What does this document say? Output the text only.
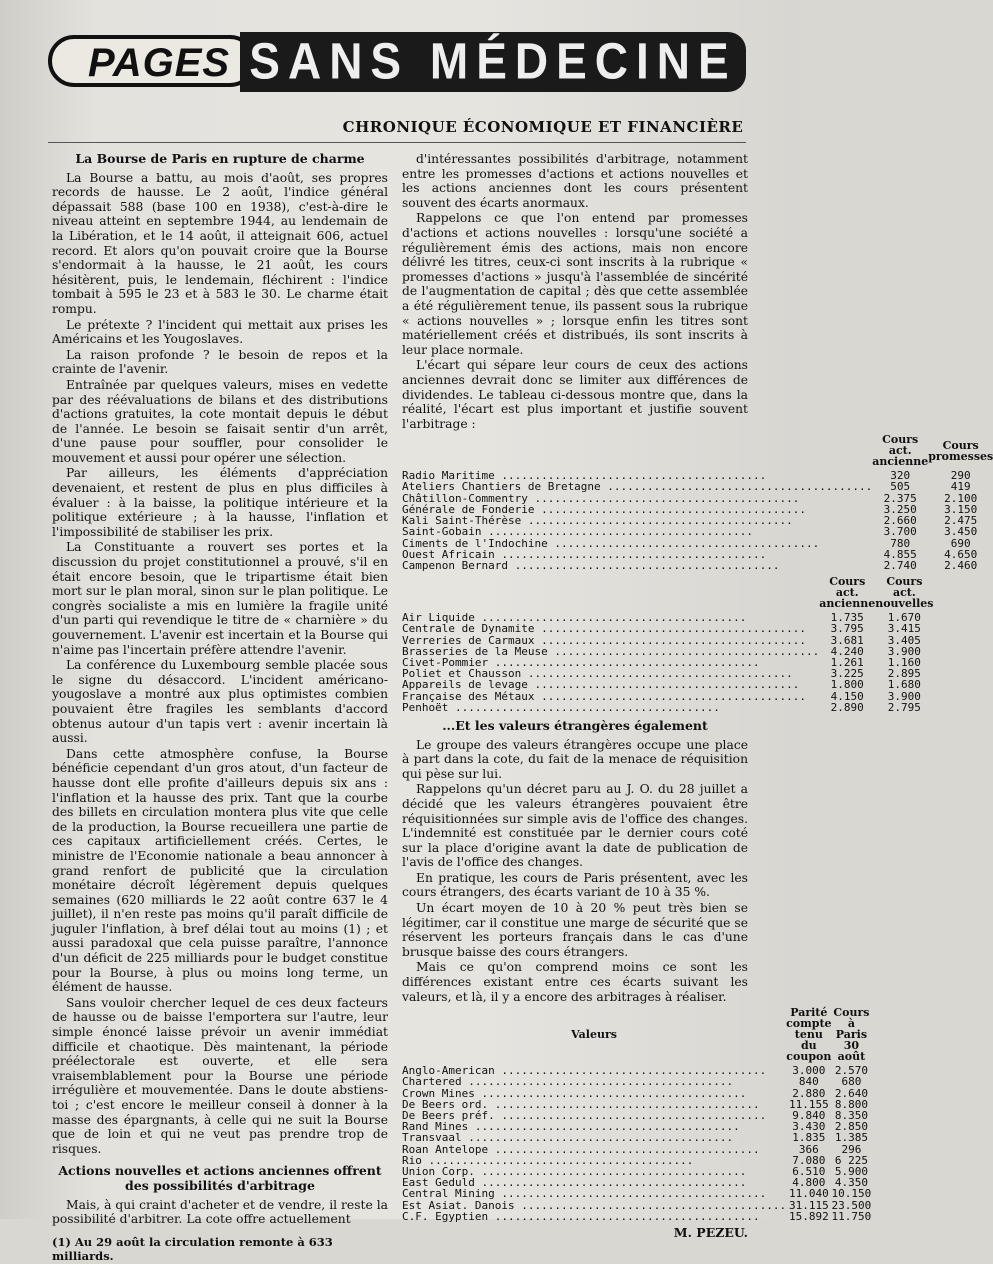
PAGES SANS MÉDECINE
CHRONIQUE ÉCONOMIQUE ET FINANCIÈRE
La Bourse de Paris en rupture de charme

La Bourse a battu, au mois d'août, ses propres records de hausse. Le 2 août, l'indice général dépassait 588 (base 100 en 1938), c'est-à-dire le niveau atteint en septembre 1944, au lendemain de la Libération, et le 14 août, il atteignait 606, actuel record. Et alors qu'on pouvait croire que la Bourse s'endormait à la hausse, le 21 août, les cours hésitèrent, puis, le lendemain, fléchirent : l'indice tombait à 595 le 23 et à 583 le 30. Le charme était rompu.

Le prétexte ? l'incident qui mettait aux prises les Américains et les Yougoslaves.

La raison profonde ? le besoin de repos et la crainte de l'avenir.

Entraînée par quelques valeurs, mises en vedette par des réévaluations de bilans et des distributions d'actions gratuites, la cote montait depuis le début de l'année. Le besoin se faisait sentir d'un arrêt, d'une pause pour souffler, pour consolider le mouvement et aussi pour opérer une sélection.

Par ailleurs, les éléments d'appréciation devenaient, et restent de plus en plus difficiles à évaluer : à la baisse, la politique intérieure et la politique extérieure ; à la hausse, l'inflation et l'impossibilité de stabiliser les prix.

La Constituante a rouvert ses portes et la discussion du projet constitutionnel a prouvé, s'il en était encore besoin, que le tripartisme était bien mort sur le plan moral, sinon sur le plan politique. Le congrès socialiste a mis en lumière la fragile unité d'un parti qui revendique le titre de « charnière » du gouvernement. L'avenir est incertain et la Bourse qui n'aime pas l'incertain préfère attendre l'avenir.

La conférence du Luxembourg semble placée sous le signe du désaccord. L'incident américano-yougoslave a montré aux plus optimistes combien pouvaient être fragiles les semblants d'accord obtenus autour d'un tapis vert : avenir incertain là aussi.

Dans cette atmosphère confuse, la Bourse bénéficie cependant d'un gros atout, d'un facteur de hausse dont elle profite d'ailleurs depuis six ans : l'inflation et la hausse des prix. Tant que la courbe des billets en circulation montera plus vite que celle de la production, la Bourse recueillera une partie de ces capitaux artificiellement créés. Certes, le ministre de l'Economie nationale a beau annoncer à grand renfort de publicité que la circulation monétaire décroît légèrement depuis quelques semaines (620 milliards le 22 août contre 637 le 4 juillet), il n'en reste pas moins qu'il paraît difficile de juguler l'inflation, à bref délai tout au moins (1) ; et aussi paradoxal que cela puisse paraître, l'annonce d'un déficit de 225 milliards pour le budget constitue pour la Bourse, à plus ou moins long terme, un élément de hausse.

Sans vouloir chercher lequel de ces deux facteurs de hausse ou de baisse l'emportera sur l'autre, leur simple énoncé laisse prévoir un avenir immédiat difficile et chaotique. Dès maintenant, la période préélectorale est ouverte, et elle sera vraisemblablement pour la Bourse une période irrégulière et mouvementée. Dans le doute abstiens-toi ; c'est encore le meilleur conseil à donner à la masse des épargnants, à celle qui ne suit la Bourse que de loin et qui ne veut pas prendre trop de risques.

Actions nouvelles et actions anciennes offrent des possibilités d'arbitrage

Mais, à qui craint d'acheter et de vendre, il reste la possibilité d'arbitrer. La cote offre actuellement

(1) Au 29 août la circulation remonte à 633 milliards.

d'intéressantes possibilités d'arbitrage, notamment entre les promesses d'actions et actions nouvelles et les actions anciennes dont les cours présentent souvent des écarts anormaux.

Rappelons ce que l'on entend par promesses d'actions et actions nouvelles : lorsqu'une société a régulièrement émis des actions, mais non encore délivré les titres, ceux-ci sont inscrits à la rubrique « promesses d'actions » jusqu'à l'assemblée de sincérité de l'augmentation de capital ; dès que cette assemblée a été régulièrement tenue, ils passent sous la rubrique « actions nouvelles » ; lorsque enfin les titres sont matériellement créés et distribués, ils sont inscrits à leur place normale.

L'écart qui sépare leur cours de ceux des actions anciennes devrait donc se limiter aux différences de dividendes. Le tableau ci-dessous montre que, dans la réalité, l'écart est plus important et justifie souvent l'arbitrage :

	Cours act. ancienne	Cours promesses
Radio Maritime ........................................	320	290
Ateliers Chantiers de Bretagne ........................................	505	419
Châtillon-Commentry ........................................	2.375	2.100
Générale de Fonderie ........................................	3.250	3.150
Kali Saint-Thérèse ........................................	2.660	2.475
Saint-Gobain ........................................	3.700	3.450
Ciments de l'Indochine ........................................	780	690
Ouest Africain ........................................	4.855	4.650
Campenon Bernard ........................................	2.740	2.460
	Cours act. ancienne	Cours act. nouvelles
Air Liquide ........................................	1.735	1.670
Centrale de Dynamite ........................................	3.795	3.415
Verreries de Carmaux ........................................	3.681	3.405
Brasseries de la Meuse ........................................	4.240	3.900
Civet-Pommier ........................................	1.261	1.160
Poliet et Chausson ........................................	3.225	2.895
Appareils de levage ........................................	1.800	1.680
Française des Métaux ........................................	4.150	3.900
Penhoët ........................................	2.890	2.795
...Et les valeurs étrangères également

Le groupe des valeurs étrangères occupe une place à part dans la cote, du fait de la menace de réquisition qui pèse sur lui.

Rappelons qu'un décret paru au J. O. du 28 juillet a décidé que les valeurs étrangères pouvaient être réquisitionnées sur simple avis de l'office des changes. L'indemnité est constituée par le dernier cours coté sur la place d'origine avant la date de publication de l'avis de l'office des changes.

En pratique, les cours de Paris présentent, avec les cours étrangers, des écarts variant de 10 à 35 %.

Un écart moyen de 10 à 20 % peut très bien se légitimer, car il constitue une marge de sécurité que se réservent les porteurs français dans le cas d'une brusque baisse des cours étrangers.

Mais ce qu'on comprend moins ce sont les différences existant entre ces écarts suivant les valeurs, et là, il y a encore des arbitrages à réaliser.

Valeurs	Parité compte tenu du coupon	Cours à Paris 30 août
Anglo-American ........................................	3.000	2.570
Chartered ........................................	840	680
Crown Mines ........................................	2.880	2.640
De Beers ord. ........................................	11.155	8.800
De Beers préf. ........................................	9.840	8.350
Rand Mines ........................................	3.430	2.850
Transvaal ........................................	1.835	1.385
Roan Antelope ........................................	366	296
Rio ........................................	7.080	6 225
Union Corp. ........................................	6.510	5.900
East Geduld ........................................	4.800	4.350
Central Mining ........................................	11.040	10.150
Est Asiat. Danois ........................................	31.115	23.500
C.F. Egyptien ........................................	15.892	11.750
M. PEZEU.
